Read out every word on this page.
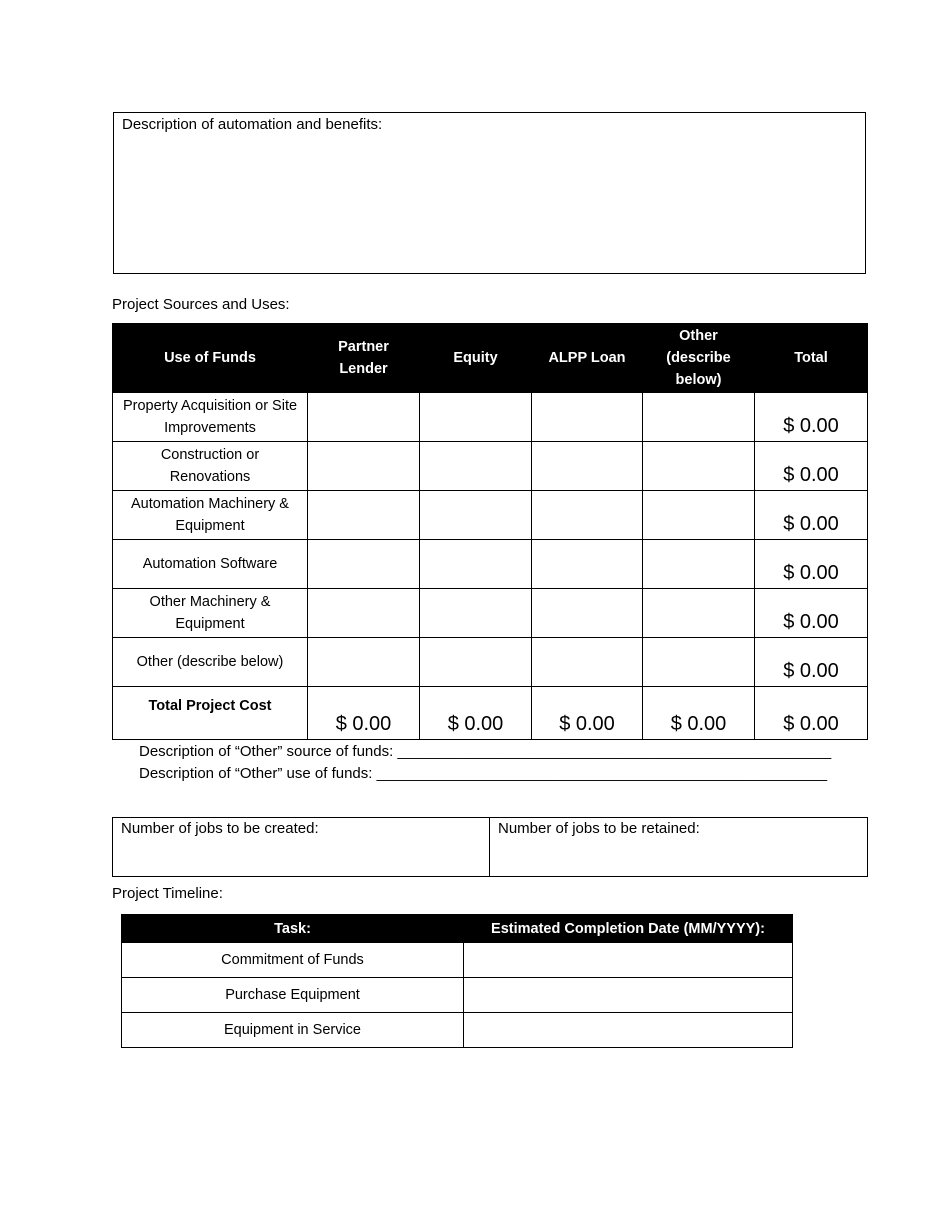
Description of automation and benefits:
Project Sources and Uses:
Use of Funds	Partner Lender	Equity	ALPP Loan	Other (describe below)	Total
Property Acquisition or Site Improvements					$ 0.00
Construction or Renovations					$ 0.00
Automation Machinery & Equipment					$ 0.00
Automation Software					$ 0.00
Other Machinery & Equipment					$ 0.00
Other (describe below)					$ 0.00
Total Project Cost	$ 0.00	$ 0.00	$ 0.00	$ 0.00	$ 0.00
Description of “Other” source of funds: ____________________________________________________
Description of “Other” use of funds: ______________________________________________________
Number of jobs to be created:	Number of jobs to be retained:
Project Timeline:
Task:	Estimated Completion Date (MM/YYYY):
Commitment of Funds	
Purchase Equipment	
Equipment in Service	
